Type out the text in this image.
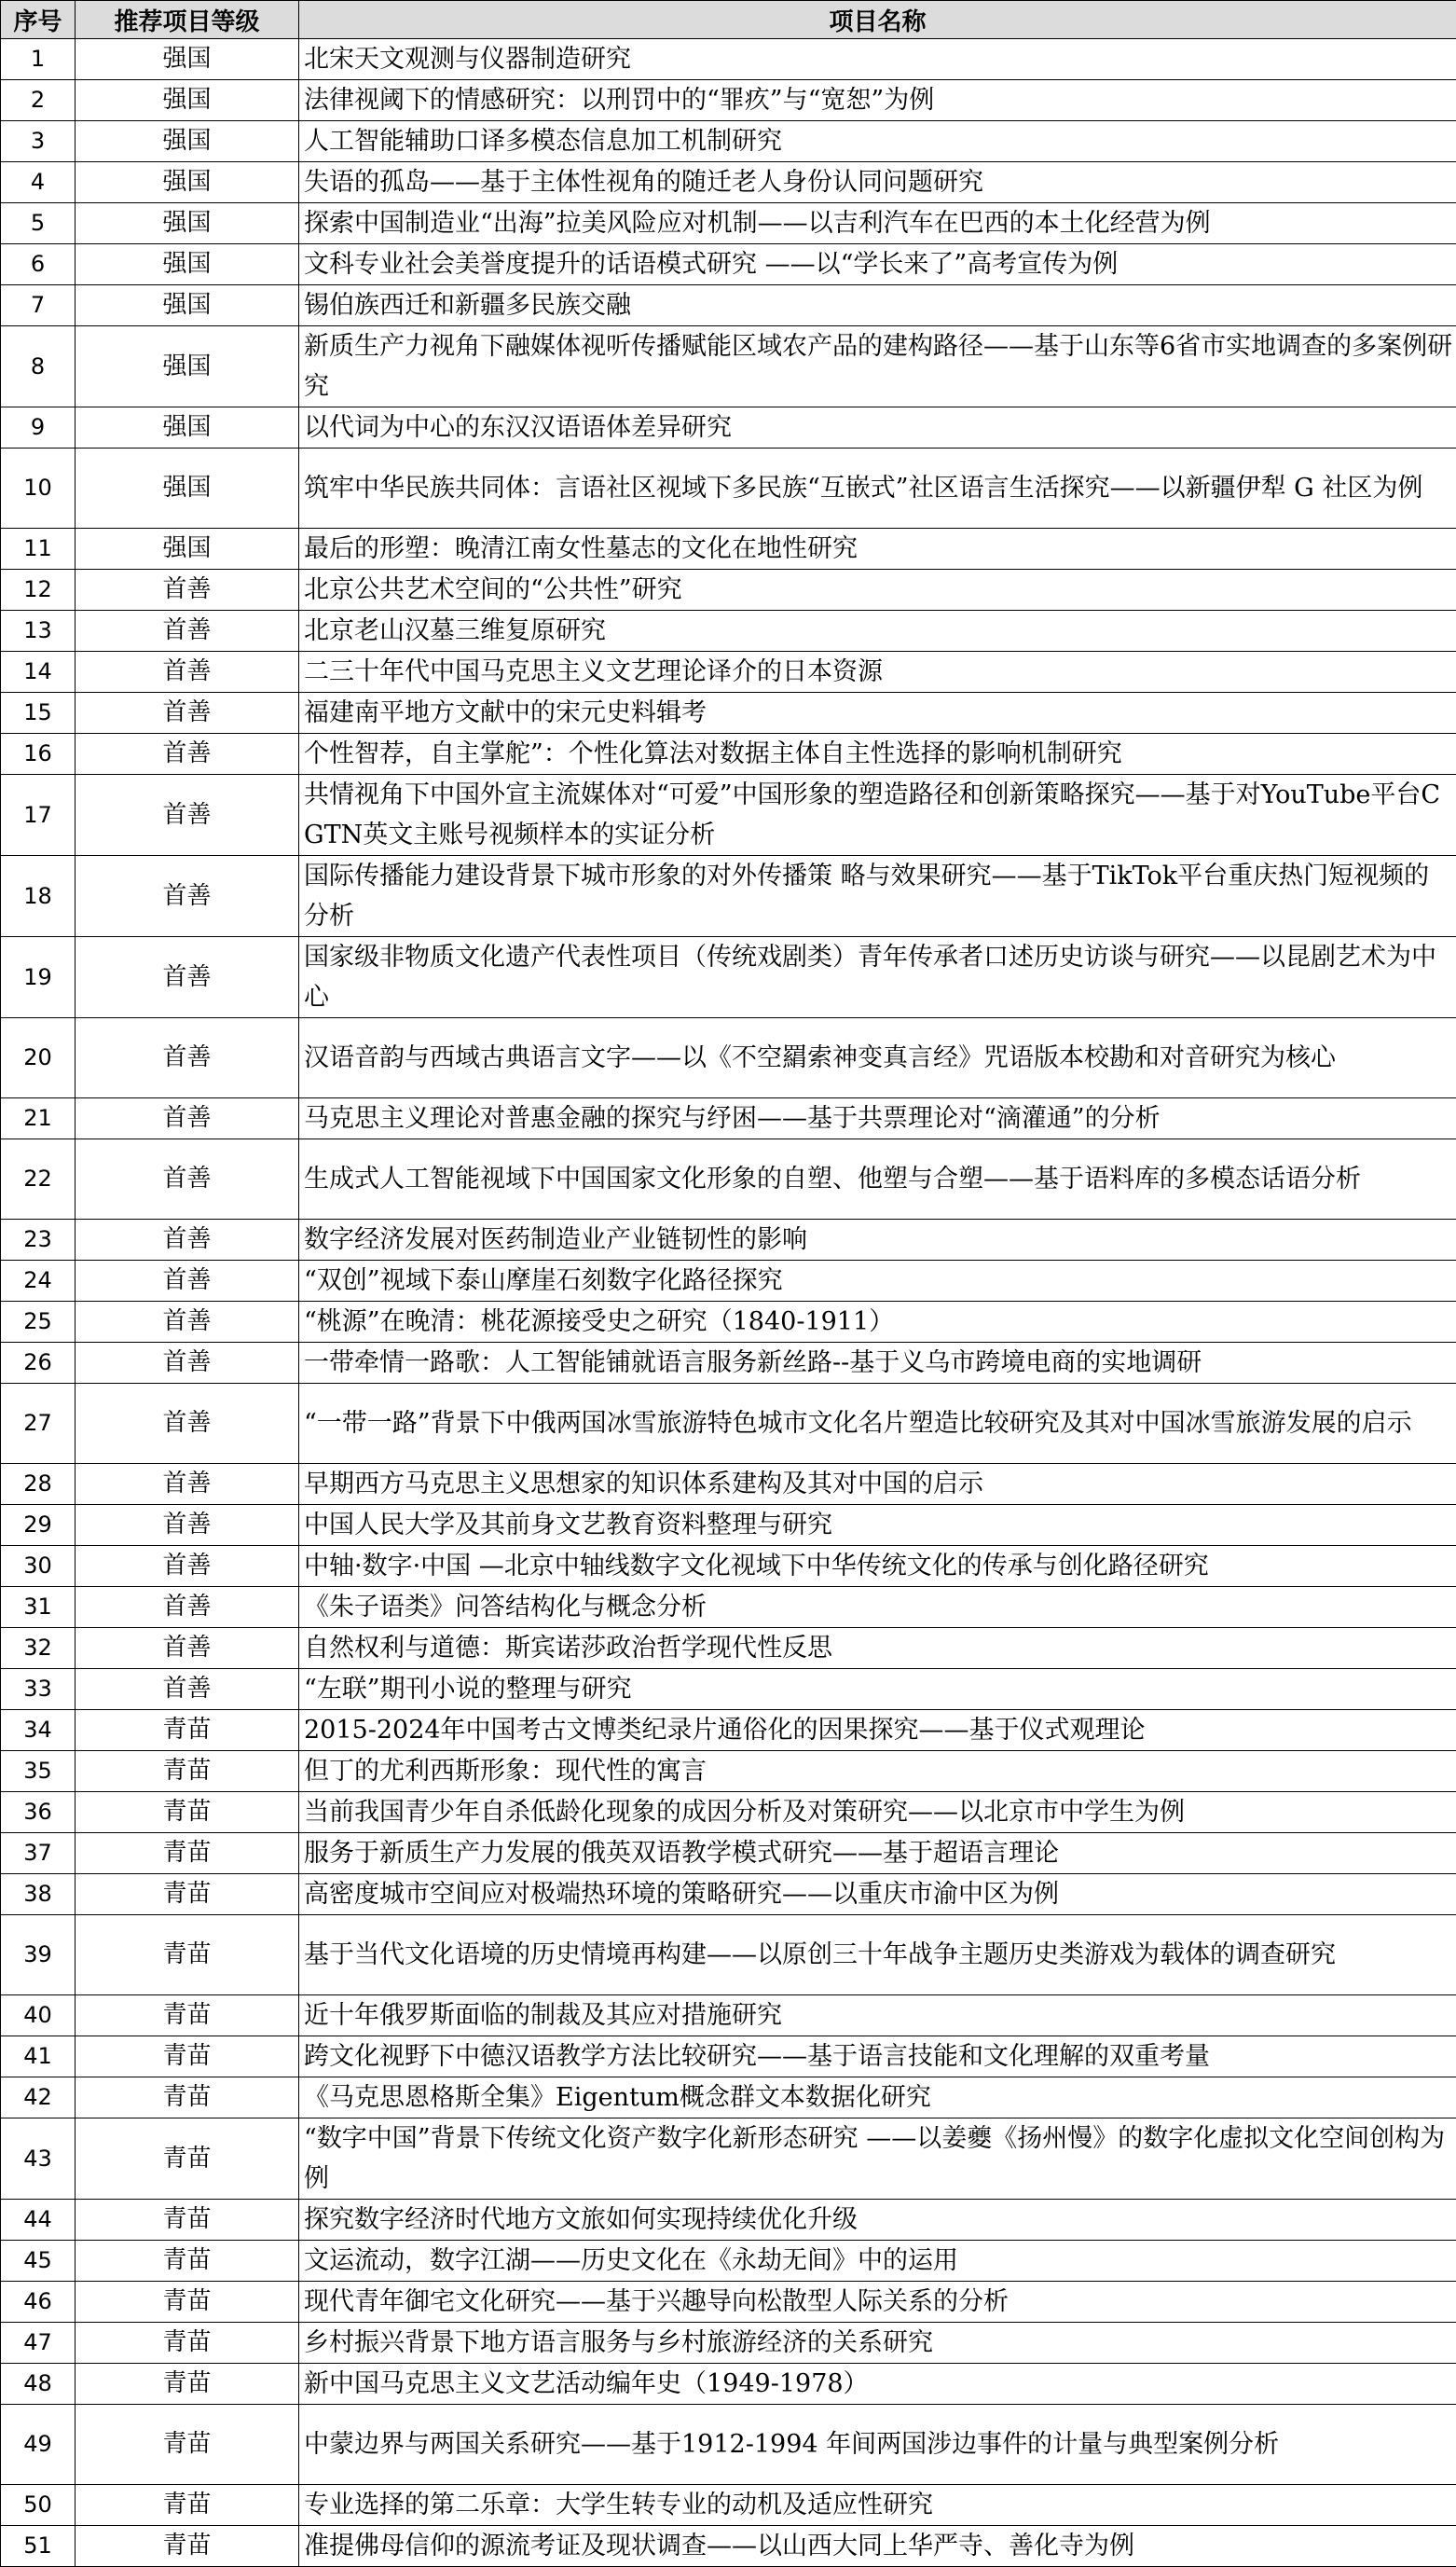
序号	推荐项目等级	项目名称
1	强国	北宋天文观测与仪器制造研究
2	强国	法律视阈下的情感研究：以刑罚中的“罪疚”与“宽恕”为例
3	强国	人工智能辅助口译多模态信息加工机制研究
4	强国	失语的孤岛——基于主体性视角的随迁老人身份认同问题研究
5	强国	探索中国制造业“出海”拉美风险应对机制——以吉利汽车在巴西的本土化经营为例
6	强国	文科专业社会美誉度提升的话语模式研究 ——以“学长来了”高考宣传为例
7	强国	锡伯族西迁和新疆多民族交融
8	强国	新质生产力视角下融媒体视听传播赋能区域农产品的建构路径——基于山东等6省市实地调查的多案例研究
9	强国	以代词为中心的东汉汉语语体差异研究
10	强国	筑牢中华民族共同体：言语社区视域下多民族“互嵌式”社区语言生活探究——以新疆伊犁 G 社区为例
11	强国	最后的形塑：晚清江南女性墓志的文化在地性研究
12	首善	北京公共艺术空间的“公共性”研究
13	首善	北京老山汉墓三维复原研究
14	首善	二三十年代中国马克思主义文艺理论译介的日本资源
15	首善	福建南平地方文献中的宋元史料辑考
16	首善	个性智荐，自主掌舵”：个性化算法对数据主体自主性选择的影响机制研究
17	首善	共情视角下中国外宣主流媒体对“可爱”中国形象的塑造路径和创新策略探究——基于对YouTube平台CGTN英文主账号视频样本的实证分析
18	首善	国际传播能力建设背景下城市形象的对外传播策 略与效果研究——基于TikTok平台重庆热门短视频的分析
19	首善	国家级非物质文化遗产代表性项目（传统戏剧类）青年传承者口述历史访谈与研究——以昆剧艺术为中心
20	首善	汉语音韵与西域古典语言文字——以《不空羂索神变真言经》咒语版本校勘和对音研究为核心
21	首善	马克思主义理论对普惠金融的探究与纾困——基于共票理论对“滴灌通”的分析
22	首善	生成式人工智能视域下中国国家文化形象的自塑、他塑与合塑——基于语料库的多模态话语分析
23	首善	数字经济发展对医药制造业产业链韧性的影响
24	首善	“双创”视域下泰山摩崖石刻数字化路径探究
25	首善	“桃源”在晚清：桃花源接受史之研究（1840-1911）
26	首善	一带牵情一路歌：人工智能铺就语言服务新丝路--基于义乌市跨境电商的实地调研
27	首善	“一带一路”背景下中俄两国冰雪旅游特色城市文化名片塑造比较研究及其对中国冰雪旅游发展的启示
28	首善	早期西方马克思主义思想家的知识体系建构及其对中国的启示
29	首善	中国人民大学及其前身文艺教育资料整理与研究
30	首善	中轴·数字·中国 —北京中轴线数字文化视域下中华传统文化的传承与创化路径研究
31	首善	《朱子语类》问答结构化与概念分析
32	首善	自然权利与道德：斯宾诺莎政治哲学现代性反思
33	首善	“左联”期刊小说的整理与研究
34	青苗	2015-2024年中国考古文博类纪录片通俗化的因果探究——基于仪式观理论
35	青苗	但丁的尤利西斯形象：现代性的寓言
36	青苗	当前我国青少年自杀低龄化现象的成因分析及对策研究——以北京市中学生为例
37	青苗	服务于新质生产力发展的俄英双语教学模式研究——基于超语言理论
38	青苗	高密度城市空间应对极端热环境的策略研究——以重庆市渝中区为例
39	青苗	基于当代文化语境的历史情境再构建——以原创三十年战争主题历史类游戏为载体的调查研究
40	青苗	近十年俄罗斯面临的制裁及其应对措施研究
41	青苗	跨文化视野下中德汉语教学方法比较研究——基于语言技能和文化理解的双重考量
42	青苗	《马克思恩格斯全集》Eigentum概念群文本数据化研究
43	青苗	“数字中国”背景下传统文化资产数字化新形态研究 ——以姜夔《扬州慢》的数字化虚拟文化空间创构为例
44	青苗	探究数字经济时代地方文旅如何实现持续优化升级
45	青苗	文运流动，数字江湖——历史文化在《永劫无间》中的运用
46	青苗	现代青年御宅文化研究——基于兴趣导向松散型人际关系的分析
47	青苗	乡村振兴背景下地方语言服务与乡村旅游经济的关系研究
48	青苗	新中国马克思主义文艺活动编年史（1949-1978）
49	青苗	中蒙边界与两国关系研究——基于1912-1994 年间两国涉边事件的计量与典型案例分析
50	青苗	专业选择的第二乐章：大学生转专业的动机及适应性研究
51	青苗	准提佛母信仰的源流考证及现状调查——以山西大同上华严寺、善化寺为例
